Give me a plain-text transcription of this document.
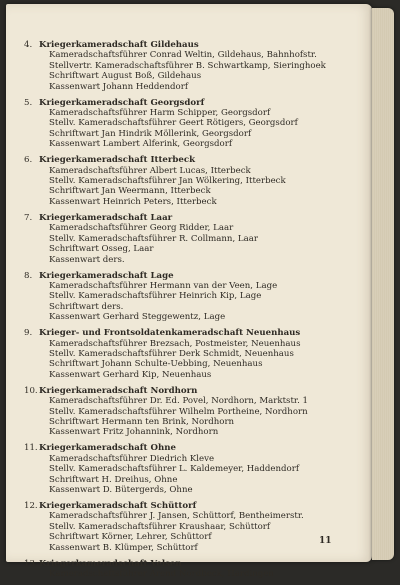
4. Kriegerkameradschaft Gildehaus
Kameradschaftsführer Conrad Weltin, Gildehaus, Bahnhofstr.
Stellvertr. Kameradschaftsführer B. Schwartkamp, Sieringhoek
Schriftwart August Boß, Gildehaus
Kassenwart Johann Heddendorf
5. Kriegerkameradschaft Georgsdorf
Kameradschaftsführer Harm Schipper, Georgsdorf
Stellv. Kameradschaftsführer Geert Rötigers, Georgsdorf
Schriftwart Jan Hindrik Möllerink, Georgsdorf
Kassenwart Lambert Alferink, Georgsdorf
6. Kriegerkameradschaft Itterbeck
Kameradschaftsführer Albert Lucas, Itterbeck
Stellv. Kameradschaftsführer Jan Wölkering, Itterbeck
Schriftwart Jan Weermann, Itterbeck
Kassenwart Heinrich Peters, Itterbeck
7. Kriegerkameradschaft Laar
Kameradschaftsführer Georg Ridder, Laar
Stellv. Kameradschaftsführer R. Collmann, Laar
Schriftwart Osseg, Laar
Kassenwart ders.
8. Kriegerkameradschaft Lage
Kameradschaftsführer Hermann van der Veen, Lage
Stellv. Kameradschaftsführer Heinrich Kip, Lage
Schriftwart ders.
Kassenwart Gerhard Steggewentz, Lage
9. Krieger- und Frontsoldatenkameradschaft Neuenhaus
Kameradschaftsführer Brezsach, Postmeister, Neuenhaus
Stellv. Kameradschaftsführer Derk Schmidt, Neuenhaus
Schriftwart Johann Schulte-Uebbing, Neuenhaus
Kassenwart Gerhard Kip, Neuenhaus
10.Kriegerkameradschaft Nordhorn
Kameradschaftsführer Dr. Ed. Povel, Nordhorn, Marktstr. 1
Stellv. Kameradschaftsführer Wilhelm Portheine, Nordhorn
Schriftwart Hermann ten Brink, Nordhorn
Kassenwart Fritz Johannink, Nordhorn
11.Kriegerkameradschaft Ohne
Kameradschaftsführer Diedrich Kleve
Stellv. Kameradschaftsführer L. Kaldemeyer, Haddendorf
Schriftwart H. Dreihus, Ohne
Kassenwart D. Bütergerds, Ohne
12.Kriegerkameradschaft Schüttorf
Kameradschaftsführer J. Jansen, Schüttorf, Bentheimerstr.
Stellv. Kameradschaftsführer Kraushaar, Schüttorf
Schriftwart Körner, Lehrer, Schüttorf
Kassenwart B. Klümper, Schüttorf
13.Kriegerkameradschaft Velsen
Kameradschaftsführer Arend Nordbeck, Hardingen
11
